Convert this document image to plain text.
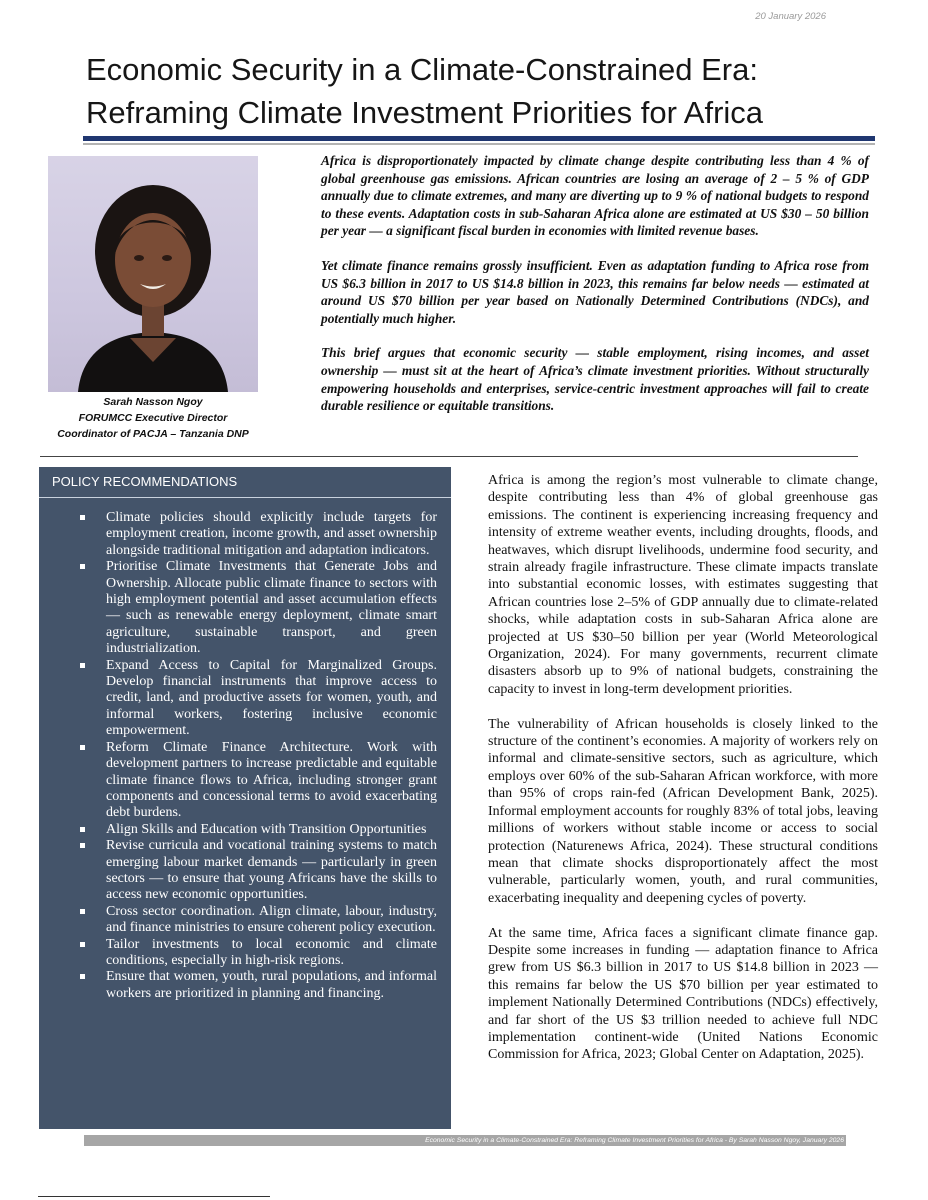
20 January 2026
Economic Security in a Climate-Constrained Era:
Reframing Climate Investment Priorities for Africa
Sarah Nasson Ngoy
FORUMCC Executive Director
Coordinator of PACJA – Tanzania DNP

Africa is disproportionately impacted by climate change despite contributing less than 4 % of global greenhouse gas emissions. African countries are losing an average of 2 – 5 % of GDP annually due to climate extremes, and many are diverting up to 9 % of national budgets to respond to these events. Adaptation costs in sub-Saharan Africa alone are estimated at US $30 – 50 billion per year — a significant fiscal burden in economies with limited revenue bases.

Yet climate finance remains grossly insufficient. Even as adaptation funding to Africa rose from US $6.3 billion in 2017 to US $14.8 billion in 2023, this remains far below needs — estimated at around US $70 billion per year based on Nationally Determined Contributions (NDCs), and potentially much higher.

This brief argues that economic security — stable employment, rising incomes, and asset ownership — must sit at the heart of Africa’s climate investment priorities. Without structurally empowering households and enterprises, service-centric investment approaches will fail to create durable resilience or equitable transitions.

POLICY RECOMMENDATIONS
Climate policies should explicitly include targets for employment creation, income growth, and asset ownership alongside traditional mitigation and adaptation indicators.
Prioritise Climate Investments that Generate Jobs and Ownership. Allocate public climate finance to sectors with high employment potential and asset accumulation effects — such as renewable energy deployment, climate smart agriculture, sustainable transport, and green industrialization.
Expand Access to Capital for Marginalized Groups. Develop financial instruments that improve access to credit, land, and productive assets for women, youth, and informal workers, fostering inclusive economic empowerment.
Reform Climate Finance Architecture. Work with development partners to increase predictable and equitable climate finance flows to Africa, including stronger grant components and concessional terms to avoid exacerbating debt burdens.
Align Skills and Education with Transition Opportunities
Revise curricula and vocational training systems to match emerging labour market demands — particularly in green sectors — to ensure that young Africans have the skills to access new economic opportunities.
Cross sector coordination. Align climate, labour, industry, and finance ministries to ensure coherent policy execution.
Tailor investments to local economic and climate conditions, especially in high-risk regions.
Ensure that women, youth, rural populations, and informal workers are prioritized in planning and financing.

Africa is among the region’s most vulnerable to climate change, despite contributing less than 4% of global greenhouse gas emissions. The continent is experiencing increasing frequency and intensity of extreme weather events, including droughts, floods, and heatwaves, which disrupt livelihoods, undermine food security, and strain already fragile infrastructure. These climate impacts translate into substantial economic losses, with estimates suggesting that African countries lose 2–5% of GDP annually due to climate-related shocks, while adaptation costs in sub-Saharan Africa alone are projected at US $30–50 billion per year (World Meteorological Organization, 2024). For many governments, recurrent climate disasters absorb up to 9% of national budgets, constraining the capacity to invest in long-term development priorities.

The vulnerability of African households is closely linked to the structure of the continent’s economies. A majority of workers rely on informal and climate-sensitive sectors, such as agriculture, which employs over 60% of the sub-Saharan African workforce, with more than 95% of crops rain-fed (African Development Bank, 2025). Informal employment accounts for roughly 83% of total jobs, leaving millions of workers without stable income or access to social protection (Naturenews Africa, 2024). These structural conditions mean that climate shocks disproportionately affect the most vulnerable, particularly women, youth, and rural communities, exacerbating inequality and deepening cycles of poverty.

At the same time, Africa faces a significant climate finance gap. Despite some increases in funding — adaptation finance to Africa grew from US $6.3 billion in 2017 to US $14.8 billion in 2023 — this remains far below the US $70 billion per year estimated to implement Nationally Determined Contributions (NDCs) effectively, and far short of the US $3 trillion needed to achieve full NDC implementation continent-wide (United Nations Economic Commission for Africa, 2023; Global Center on Adaptation, 2025).

Economic Security in a Climate-Constrained Era: Reframing Climate Investment Priorities for Africa - By Sarah Nasson Ngoy, January 2026
